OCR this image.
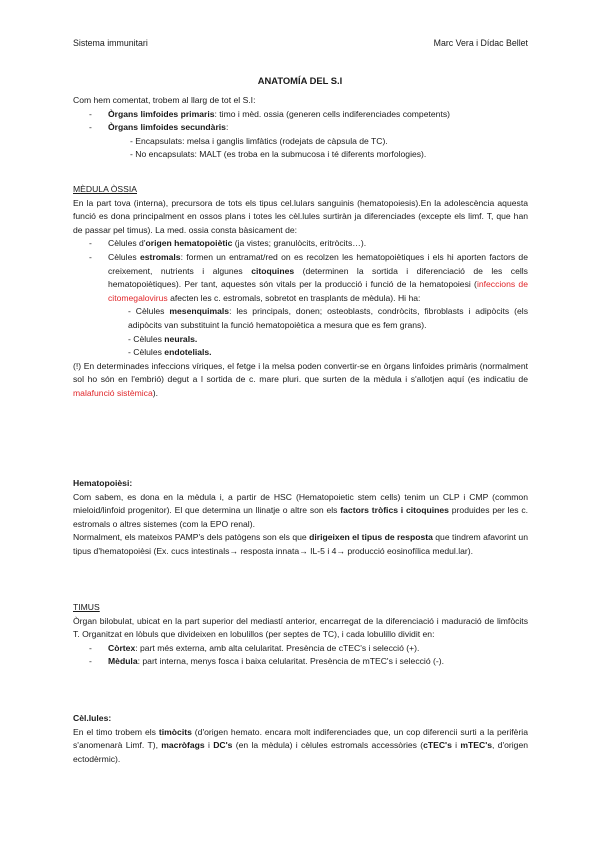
Sistema immunitari	Marc Vera i Dídac Bellet
ANATOMÍA DEL S.I

Com hem comentat, trobem al llarg de tot el S.I:

- Òrgans limfoides primaris: timo i mèd. ossia (generen cells indiferenciades competents)
- Òrgans limfoides secundàris:

- Encapsulats: melsa i ganglis limfàtics (rodejats de càpsula de TC).

- No encapsulats: MALT (es troba en la submucosa i té diferents morfologies).

MÈDULA ÒSSIA

En la part tova (interna), precursora de tots els tipus cel.lulars sanguinis (hematopoiesis).En la adolescència aquesta funció es dona principalment en ossos plans i totes les cèl.lules surtiràn ja diferenciades (excepte els limf. T, que han de passar pel timus). La med. ossia consta bàsicament de:

- Cèlules d'origen hematopoiètic (ja vistes; granulòcits, eritròcits…).
- Cèlules estromals: formen un entramat/red on es recolzen les hematopoiètiques i els hi aporten factors de creixement, nutrients i algunes citoquines (determinen la sortida i diferenciació de les cells hematopoiètiques). Per tant, aquestes són vitals per la producció i funció de la hematopoiesi (infeccions de citomegalovirus afecten les c. estromals, sobretot en trasplants de mèdula). Hi ha:

- Cèlules mesenquimals: les principals, donen; osteoblasts, condròcits, fibroblasts i adipòcits (els adipòcits van substituint la funció hematopoiètica a mesura que es fem grans).

- Cèlules neurals.

- Cèlules endotelials.

(!) En determinades infeccions víriques, el fetge i la melsa poden convertir-se en òrgans linfoides primàris (normalment sol ho són en l'embrió) degut a l sortida de c. mare pluri. que surten de la mèdula i s'allotjen aquí (es indicatiu de malafunció sistèmica).

Hematopoièsi:

Com sabem, es dona en la mèdula i, a partir de HSC (Hematopoietic stem cells) tenim un CLP i CMP (common mieloid/linfoid progenitor). El que determina un llinatje o altre son els factors tròfics i citoquines produides per les c. estromals o altres sistemes (com la EPO renal).

Normalment, els mateixos PAMP's dels patògens son els que dirigeixen el tipus de resposta que tindrem afavorint un tipus d'hematopoièsi (Ex. cucs intestinals→ resposta innata→ IL-5 i 4→ producció eosinofílica medul.lar).

TIMUS

Òrgan bilobulat, ubicat en la part superior del mediastí anterior, encarregat de la diferenciació i maduració de limfòcits T. Organitzat en lòbuls que divideixen en lobulillos (per septes de TC), i cada lobulillo dividit en:

- Còrtex: part més externa, amb alta celularitat. Presència de cTEC's i selecció (+).
- Mèdula: part interna, menys fosca i baixa celularitat. Presència de mTEC's i selecció (-).

Cèl.lules:

En el timo trobem els timòcits (d'origen hemato. encara molt indiferenciades que, un cop diferencii surti a la perifèria s'anomenarà Limf. T), macròfags i DC's (en la mèdula) i cèlules estromals accessòries (cTEC's i mTEC's, d'origen ectodèrmic).
